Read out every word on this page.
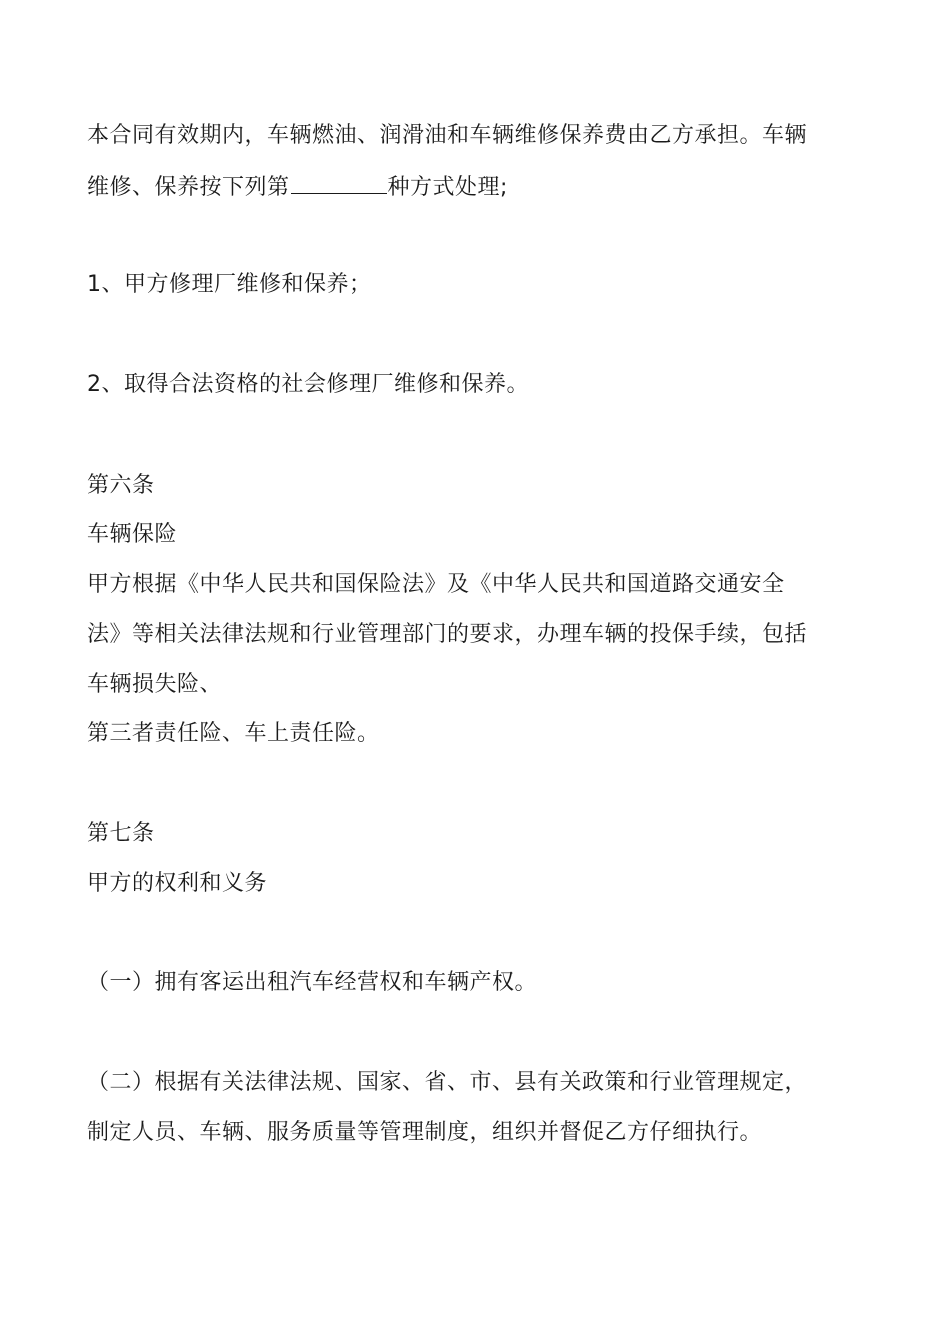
本合同有效期内，车辆燃油、润滑油和车辆维修保养费由乙方承担。车辆
维修、保养按下列第	种方式处理;
1、甲方修理厂维修和保养；
2、取得合法资格的社会修理厂维修和保养。
第六条
车辆保险
甲方根据《中华人民共和国保险法》及《中华人民共和国道路交通安全
法》等相关法律法规和行业管理部门的要求，办理车辆的投保手续，包括
车辆损失险、
第三者责任险、车上责任险。
第七条
甲方的权利和义务
（一）拥有客运出租汽车经营权和车辆产权。
（二）根据有关法律法规、国家、省、市、县有关政策和行业管理规定，
制定人员、车辆、服务质量等管理制度，组织并督促乙方仔细执行。
